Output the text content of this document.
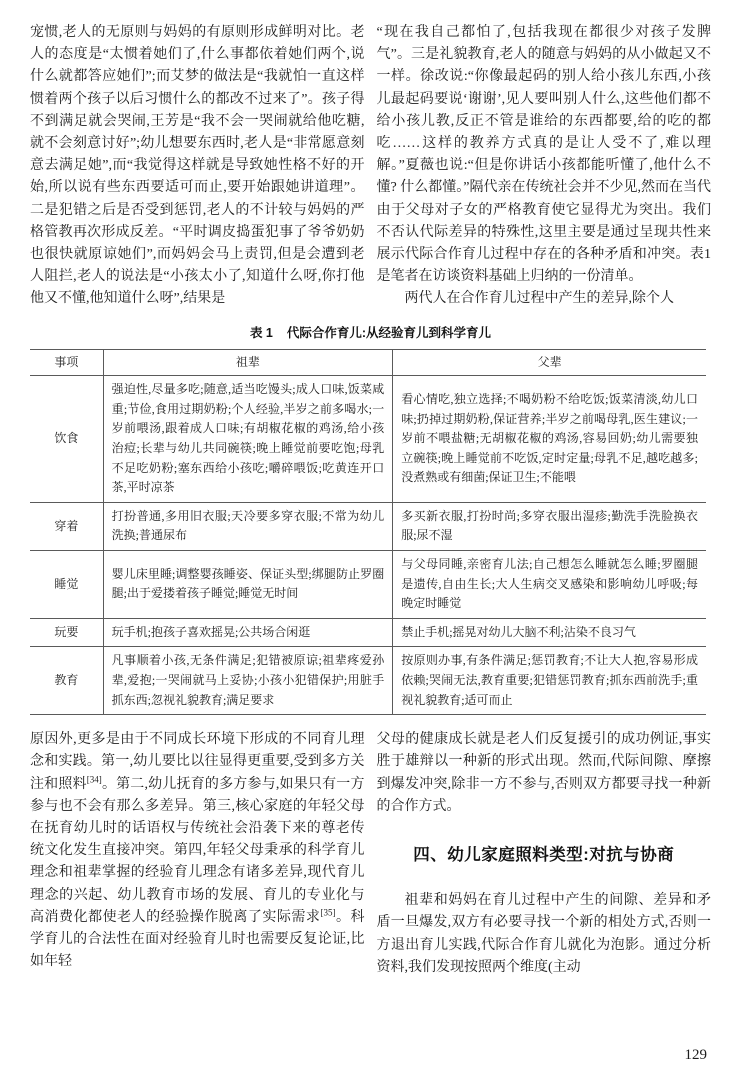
宠惯,老人的无原则与妈妈的有原则形成鲜明对比。老人的态度是“太惯着她们了,什么事都依着她们两个,说什么就都答应她们”;而艾梦的做法是“我就怕一直这样惯着两个孩子以后习惯什么的都改不过来了”。孩子得不到满足就会哭闹,王芳是“我不会一哭闹就给他吃糖,就不会刻意讨好”;幼儿想要东西时,老人是“非常愿意刻意去满足她”,而“我觉得这样就是导致她性格不好的开始,所以说有些东西要适可而止,要开始跟她讲道理”。二是犯错之后是否受到惩罚,老人的不计较与妈妈的严格管教再次形成反差。“平时调皮捣蛋犯事了爷爷奶奶也很快就原谅她们”,而妈妈会马上责罚,但是会遭到老人阻拦,老人的说法是“小孩太小了,知道什么呀,你打他他又不懂,他知道什么呀”,结果是

“现在我自己都怕了,包括我现在都很少对孩子发脾气”。三是礼貌教育,老人的随意与妈妈的从小做起又不一样。徐改说:“你像最起码的别人给小孩儿东西,小孩儿最起码要说‘谢谢’,见人要叫别人什么,这些他们都不给小孩儿教,反正不管是谁给的东西都要,给的吃的都吃……这样的教养方式真的是让人受不了,难以理解。”夏薇也说:“但是你讲话小孩都能听懂了,他什么不懂? 什么都懂。”隔代亲在传统社会并不少见,然而在当代由于父母对子女的严格教育使它显得尤为突出。我们不否认代际差异的特殊性,这里主要是通过呈现共性来展示代际合作育儿过程中存在的各种矛盾和冲突。表1是笔者在访谈资料基础上归纳的一份清单。

两代人在合作育儿过程中产生的差异,除个人

表 1 代际合作育儿:从经验育儿到科学育儿
事项	祖辈	父辈
饮食	强迫性,尽量多吃;随意,适当吃馒头;成人口味,饭菜咸重;节俭,食用过期奶粉;个人经验,半岁之前多喝水;一岁前喂汤,跟着成人口味;有胡椒花椒的鸡汤,给小孩治痘;长辈与幼儿共同碗筷;晚上睡觉前要吃饱;母乳不足吃奶粉;塞东西给小孩吃;嚼碎喂饭;吃黄连开口茶,平时凉茶	看心情吃,独立选择;不喝奶粉不给吃饭;饭菜清淡,幼儿口味;扔掉过期奶粉,保证营养;半岁之前喝母乳,医生建议;一岁前不喂盐糖;无胡椒花椒的鸡汤,容易回奶;幼儿需要独立碗筷;晚上睡觉前不吃饭,定时定量;母乳不足,越吃越多;没煮熟或有细菌;保证卫生;不能喂
穿着	打扮普通,多用旧衣服;天冷要多穿衣服;不常为幼儿洗换;普通尿布	多买新衣服,打扮时尚;多穿衣服出湿疹;勤洗手洗脸换衣服;尿不湿
睡觉	婴儿床里睡;调整婴孩睡姿、保证头型;绑腿防止罗圈腿;出于爱搂着孩子睡觉;睡觉无时间	与父母同睡,亲密育儿法;自己想怎么睡就怎么睡;罗圈腿是遗传,自由生长;大人生病交叉感染和影响幼儿呼吸;每晚定时睡觉
玩要	玩手机;抱孩子喜欢摇晃;公共场合闲逛	禁止手机;摇晃对幼儿大脑不利;沾染不良习气
教育	凡事顺着小孩,无条件满足;犯错被原谅;祖辈疼爱孙辈,爱抱;一哭闹就马上妥协;小孩小犯错保护;用脏手抓东西;忽视礼貌教育;满足要求	按原则办事,有条件满足;惩罚教育;不让大人抱,容易形成依赖;哭闹无法,教育重要;犯错惩罚教育;抓东西前洗手;重视礼貌教育;适可而止

原因外,更多是由于不同成长环境下形成的不同育儿理念和实践。第一,幼儿要比以往显得更重要,受到多方关注和照料[34]。第二,幼儿抚育的多方参与,如果只有一方参与也不会有那么多差异。第三,核心家庭的年轻父母在抚育幼儿时的话语权与传统社会沿袭下来的尊老传统文化发生直接冲突。第四,年轻父母秉承的科学育儿理念和祖辈掌握的经验育儿理念有诸多差异,现代育儿理念的兴起、幼儿教育市场的发展、育儿的专业化与高消费化都使老人的经验操作脱离了实际需求[35]。科学育儿的合法性在面对经验育儿时也需要反复论证,比如年轻

父母的健康成长就是老人们反复援引的成功例证,事实胜于雄辩以一种新的形式出现。然而,代际间隙、摩擦到爆发冲突,除非一方不参与,否则双方都要寻找一种新的合作方式。

四、幼儿家庭照料类型:对抗与协商

祖辈和妈妈在育儿过程中产生的间隙、差异和矛盾一旦爆发,双方有必要寻找一个新的相处方式,否则一方退出育儿实践,代际合作育儿就化为泡影。通过分析资料,我们发现按照两个维度(主动

129
